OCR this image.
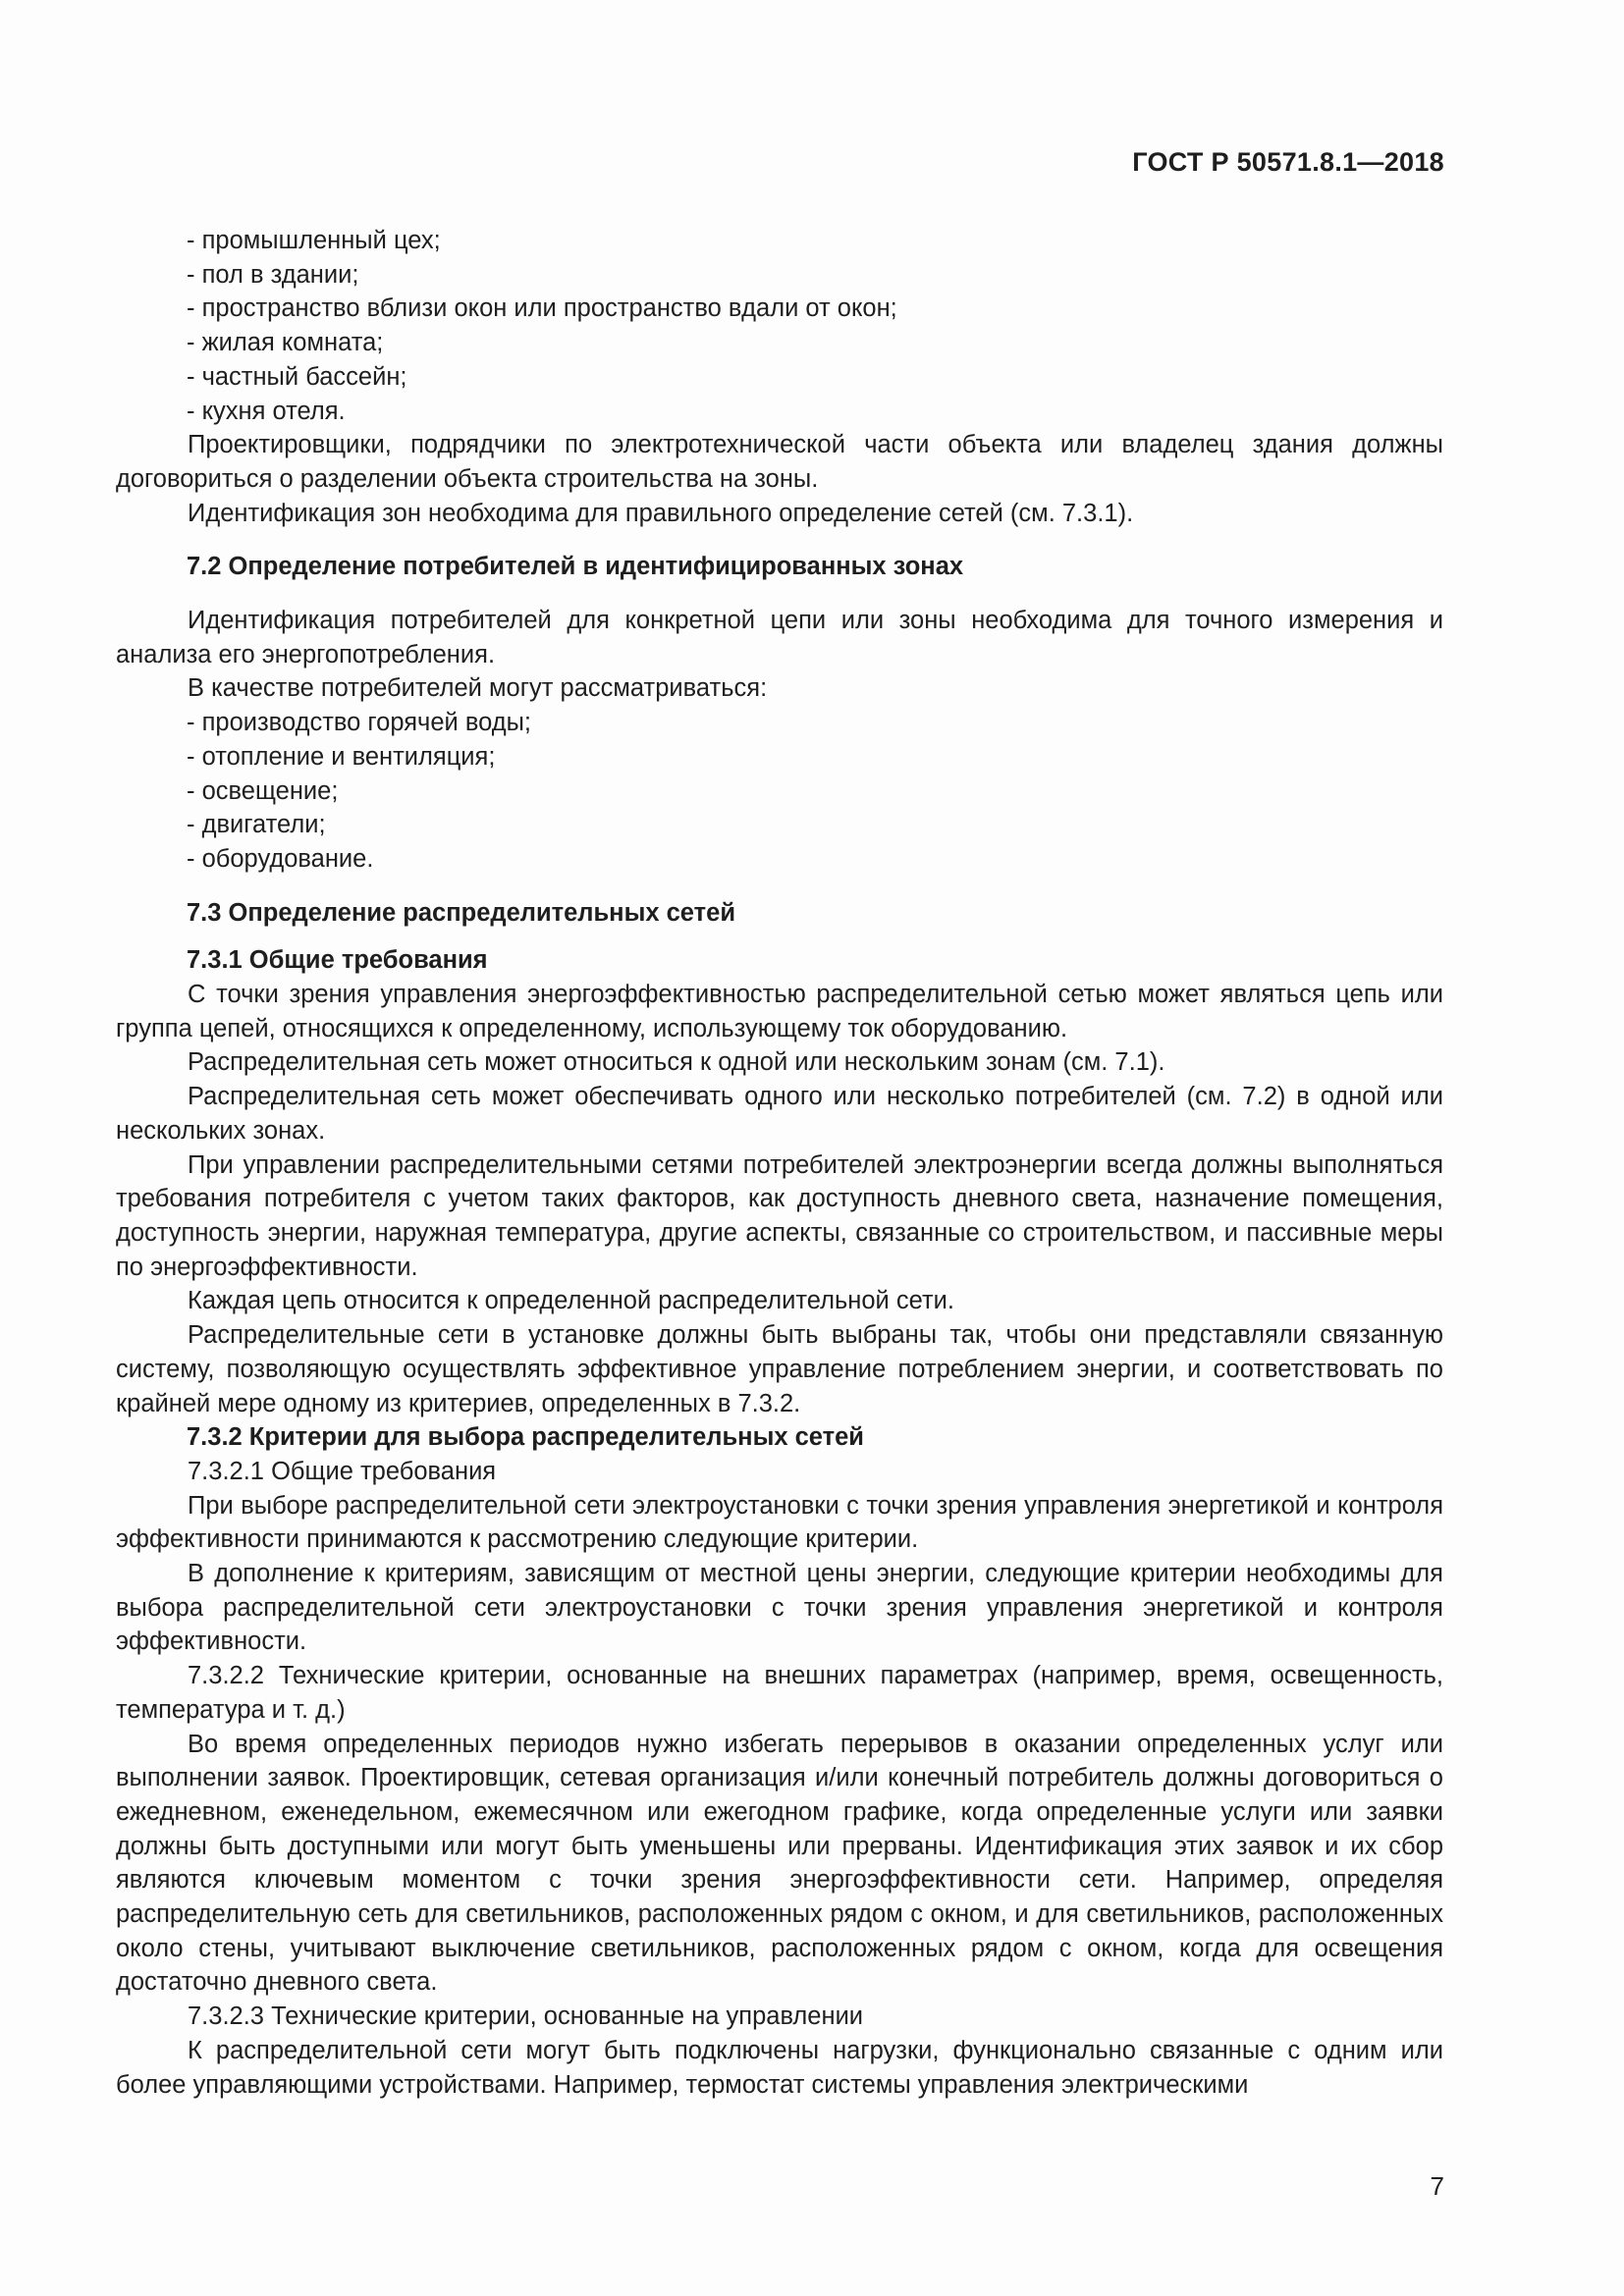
ГОСТ Р 50571.8.1—2018

- промышленный цех;

- пол в здании;

- пространство вблизи окон или пространство вдали от окон;

- жилая комната;

- частный бассейн;

- кухня отеля.

Проектировщики, подрядчики по электротехнической части объекта или владелец здания должны договориться о разделении объекта строительства на зоны.

Идентификация зон необходима для правильного определение сетей (см. 7.3.1).

7.2 Определение потребителей в идентифицированных зонах

Идентификация потребителей для конкретной цепи или зоны необходима для точного измерения и анализа его энергопотребления.

В качестве потребителей могут рассматриваться:

- производство горячей воды;

- отопление и вентиляция;

- освещение;

- двигатели;

- оборудование.

7.3 Определение распределительных сетей

7.3.1 Общие требования

С точки зрения управления энергоэффективностью распределительной сетью может являться цепь или группа цепей, относящихся к определенному, использующему ток оборудованию.

Распределительная сеть может относиться к одной или нескольким зонам (см. 7.1).

Распределительная сеть может обеспечивать одного или несколько потребителей (см. 7.2) в одной или нескольких зонах.

При управлении распределительными сетями потребителей электроэнергии всегда должны выполняться требования потребителя с учетом таких факторов, как доступность дневного света, назначение помещения, доступность энергии, наружная температура, другие аспекты, связанные со строительством, и пассивные меры по энергоэффективности.

Каждая цепь относится к определенной распределительной сети.

Распределительные сети в установке должны быть выбраны так, чтобы они представляли связанную систему, позволяющую осуществлять эффективное управление потреблением энергии, и соответствовать по крайней мере одному из критериев, определенных в 7.3.2.

7.3.2 Критерии для выбора распределительных сетей

7.3.2.1 Общие требования

При выборе распределительной сети электроустановки с точки зрения управления энергетикой и контроля эффективности принимаются к рассмотрению следующие критерии.

В дополнение к критериям, зависящим от местной цены энергии, следующие критерии необходимы для выбора распределительной сети электроустановки с точки зрения управления энергетикой и контроля эффективности.

7.3.2.2 Технические критерии, основанные на внешних параметрах (например, время, освещенность, температура и т. д.)

Во время определенных периодов нужно избегать перерывов в оказании определенных услуг или выполнении заявок. Проектировщик, сетевая организация и/или конечный потребитель должны договориться о ежедневном, еженедельном, ежемесячном или ежегодном графике, когда определенные услуги или заявки должны быть доступными или могут быть уменьшены или прерваны. Идентификация этих заявок и их сбор являются ключевым моментом с точки зрения энергоэффективности сети. Например, определяя распределительную сеть для светильников, расположенных рядом с окном, и для светильников, расположенных около стены, учитывают выключение светильников, расположенных рядом с окном, когда для освещения достаточно дневного света.

7.3.2.3 Технические критерии, основанные на управлении

К распределительной сети могут быть подключены нагрузки, функционально связанные с одним или более управляющими устройствами. Например, термостат системы управления электрическими

7
